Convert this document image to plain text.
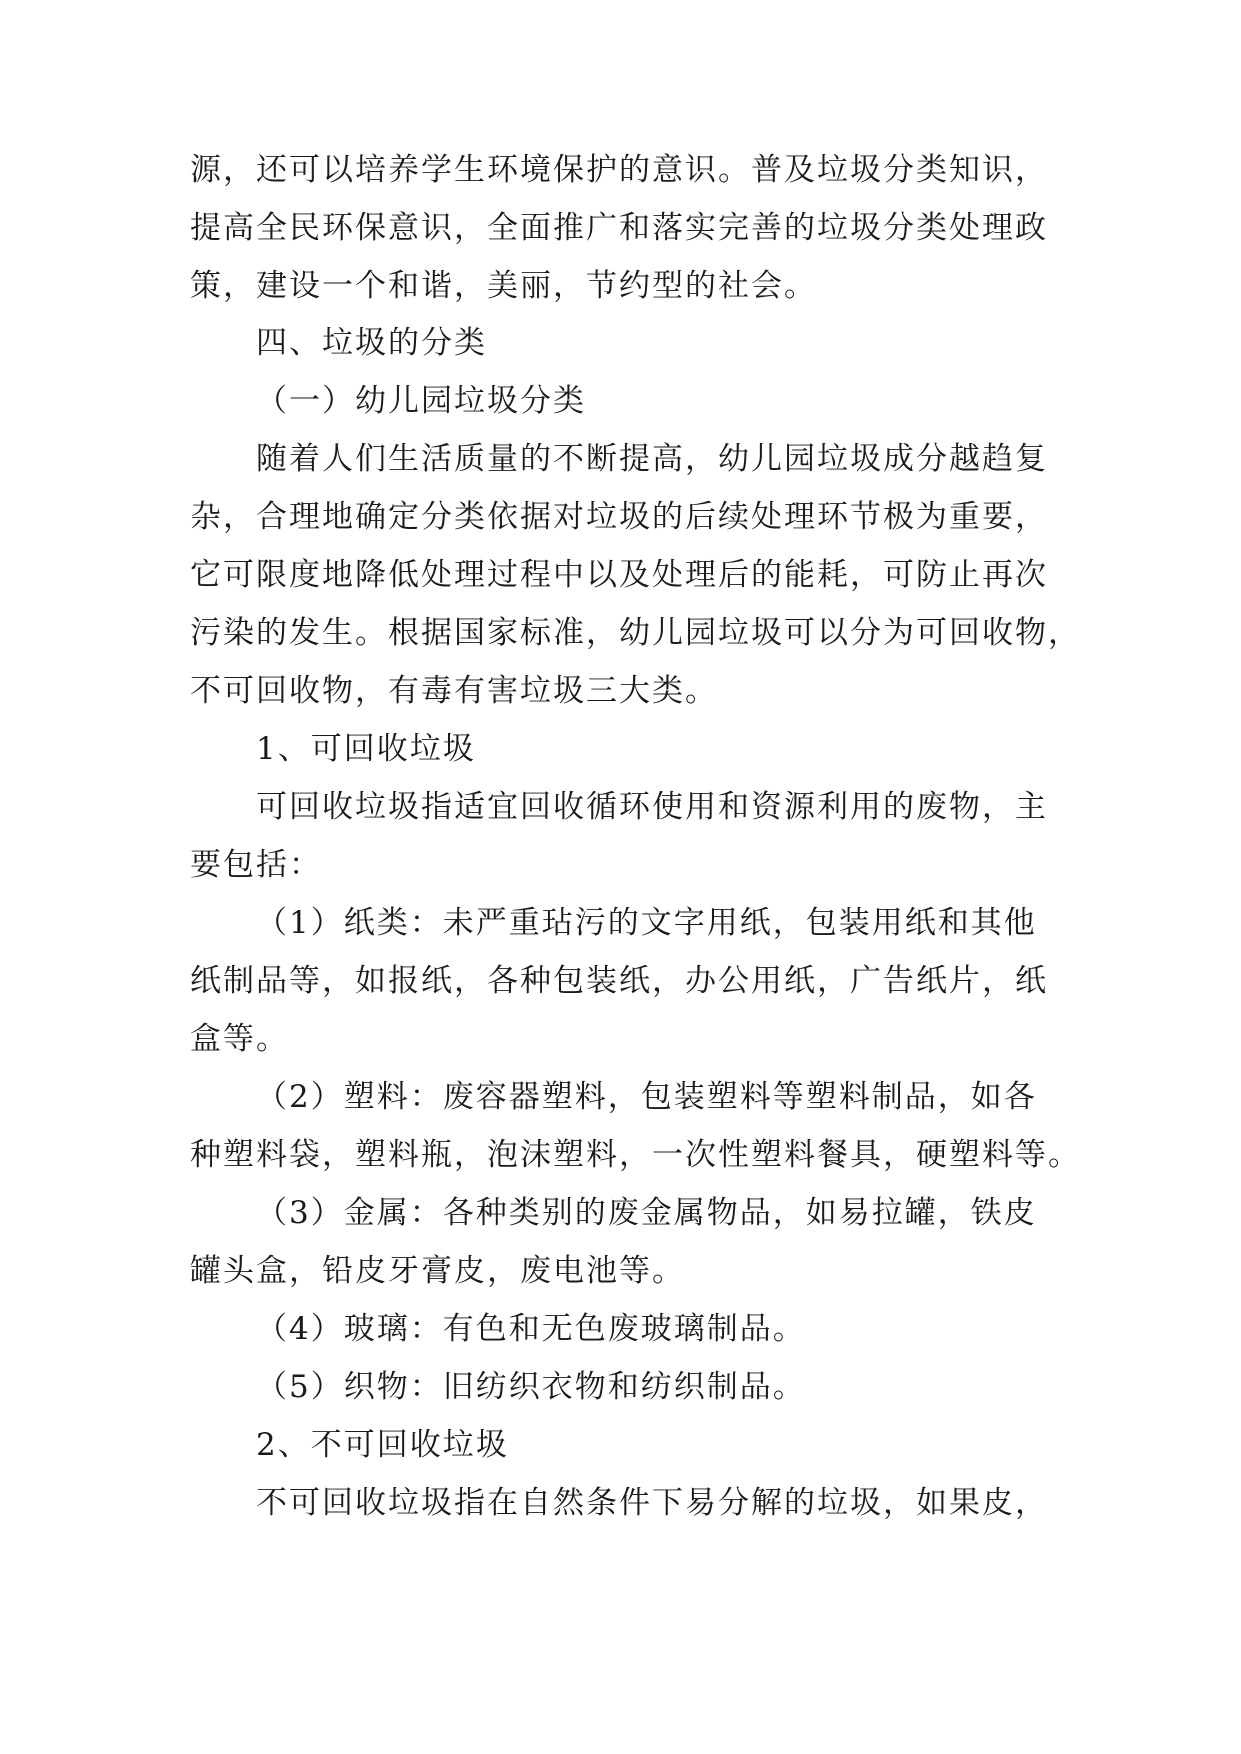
源，还可以培养学生环境保护的意识。普及垃圾分类知识，
提高全民环保意识，全面推广和落实完善的垃圾分类处理政
策，建设一个和谐，美丽，节约型的社会。
四、垃圾的分类
（一）幼儿园垃圾分类
随着人们生活质量的不断提高，幼儿园垃圾成分越趋复
杂，合理地确定分类依据对垃圾的后续处理环节极为重要，
它可限度地降低处理过程中以及处理后的能耗，可防止再次
污染的发生。根据国家标准，幼儿园垃圾可以分为可回收物，
不可回收物，有毒有害垃圾三大类。
1、可回收垃圾
可回收垃圾指适宜回收循环使用和资源利用的废物，主
要包括：
（1）纸类：未严重玷污的文字用纸，包装用纸和其他
纸制品等，如报纸，各种包装纸，办公用纸，广告纸片，纸
盒等。
（2）塑料：废容器塑料，包装塑料等塑料制品，如各
种塑料袋，塑料瓶，泡沫塑料，一次性塑料餐具，硬塑料等。
（3）金属：各种类别的废金属物品，如易拉罐，铁皮
罐头盒，铅皮牙膏皮，废电池等。
（4）玻璃：有色和无色废玻璃制品。
（5）织物：旧纺织衣物和纺织制品。
2、不可回收垃圾
不可回收垃圾指在自然条件下易分解的垃圾，如果皮，
